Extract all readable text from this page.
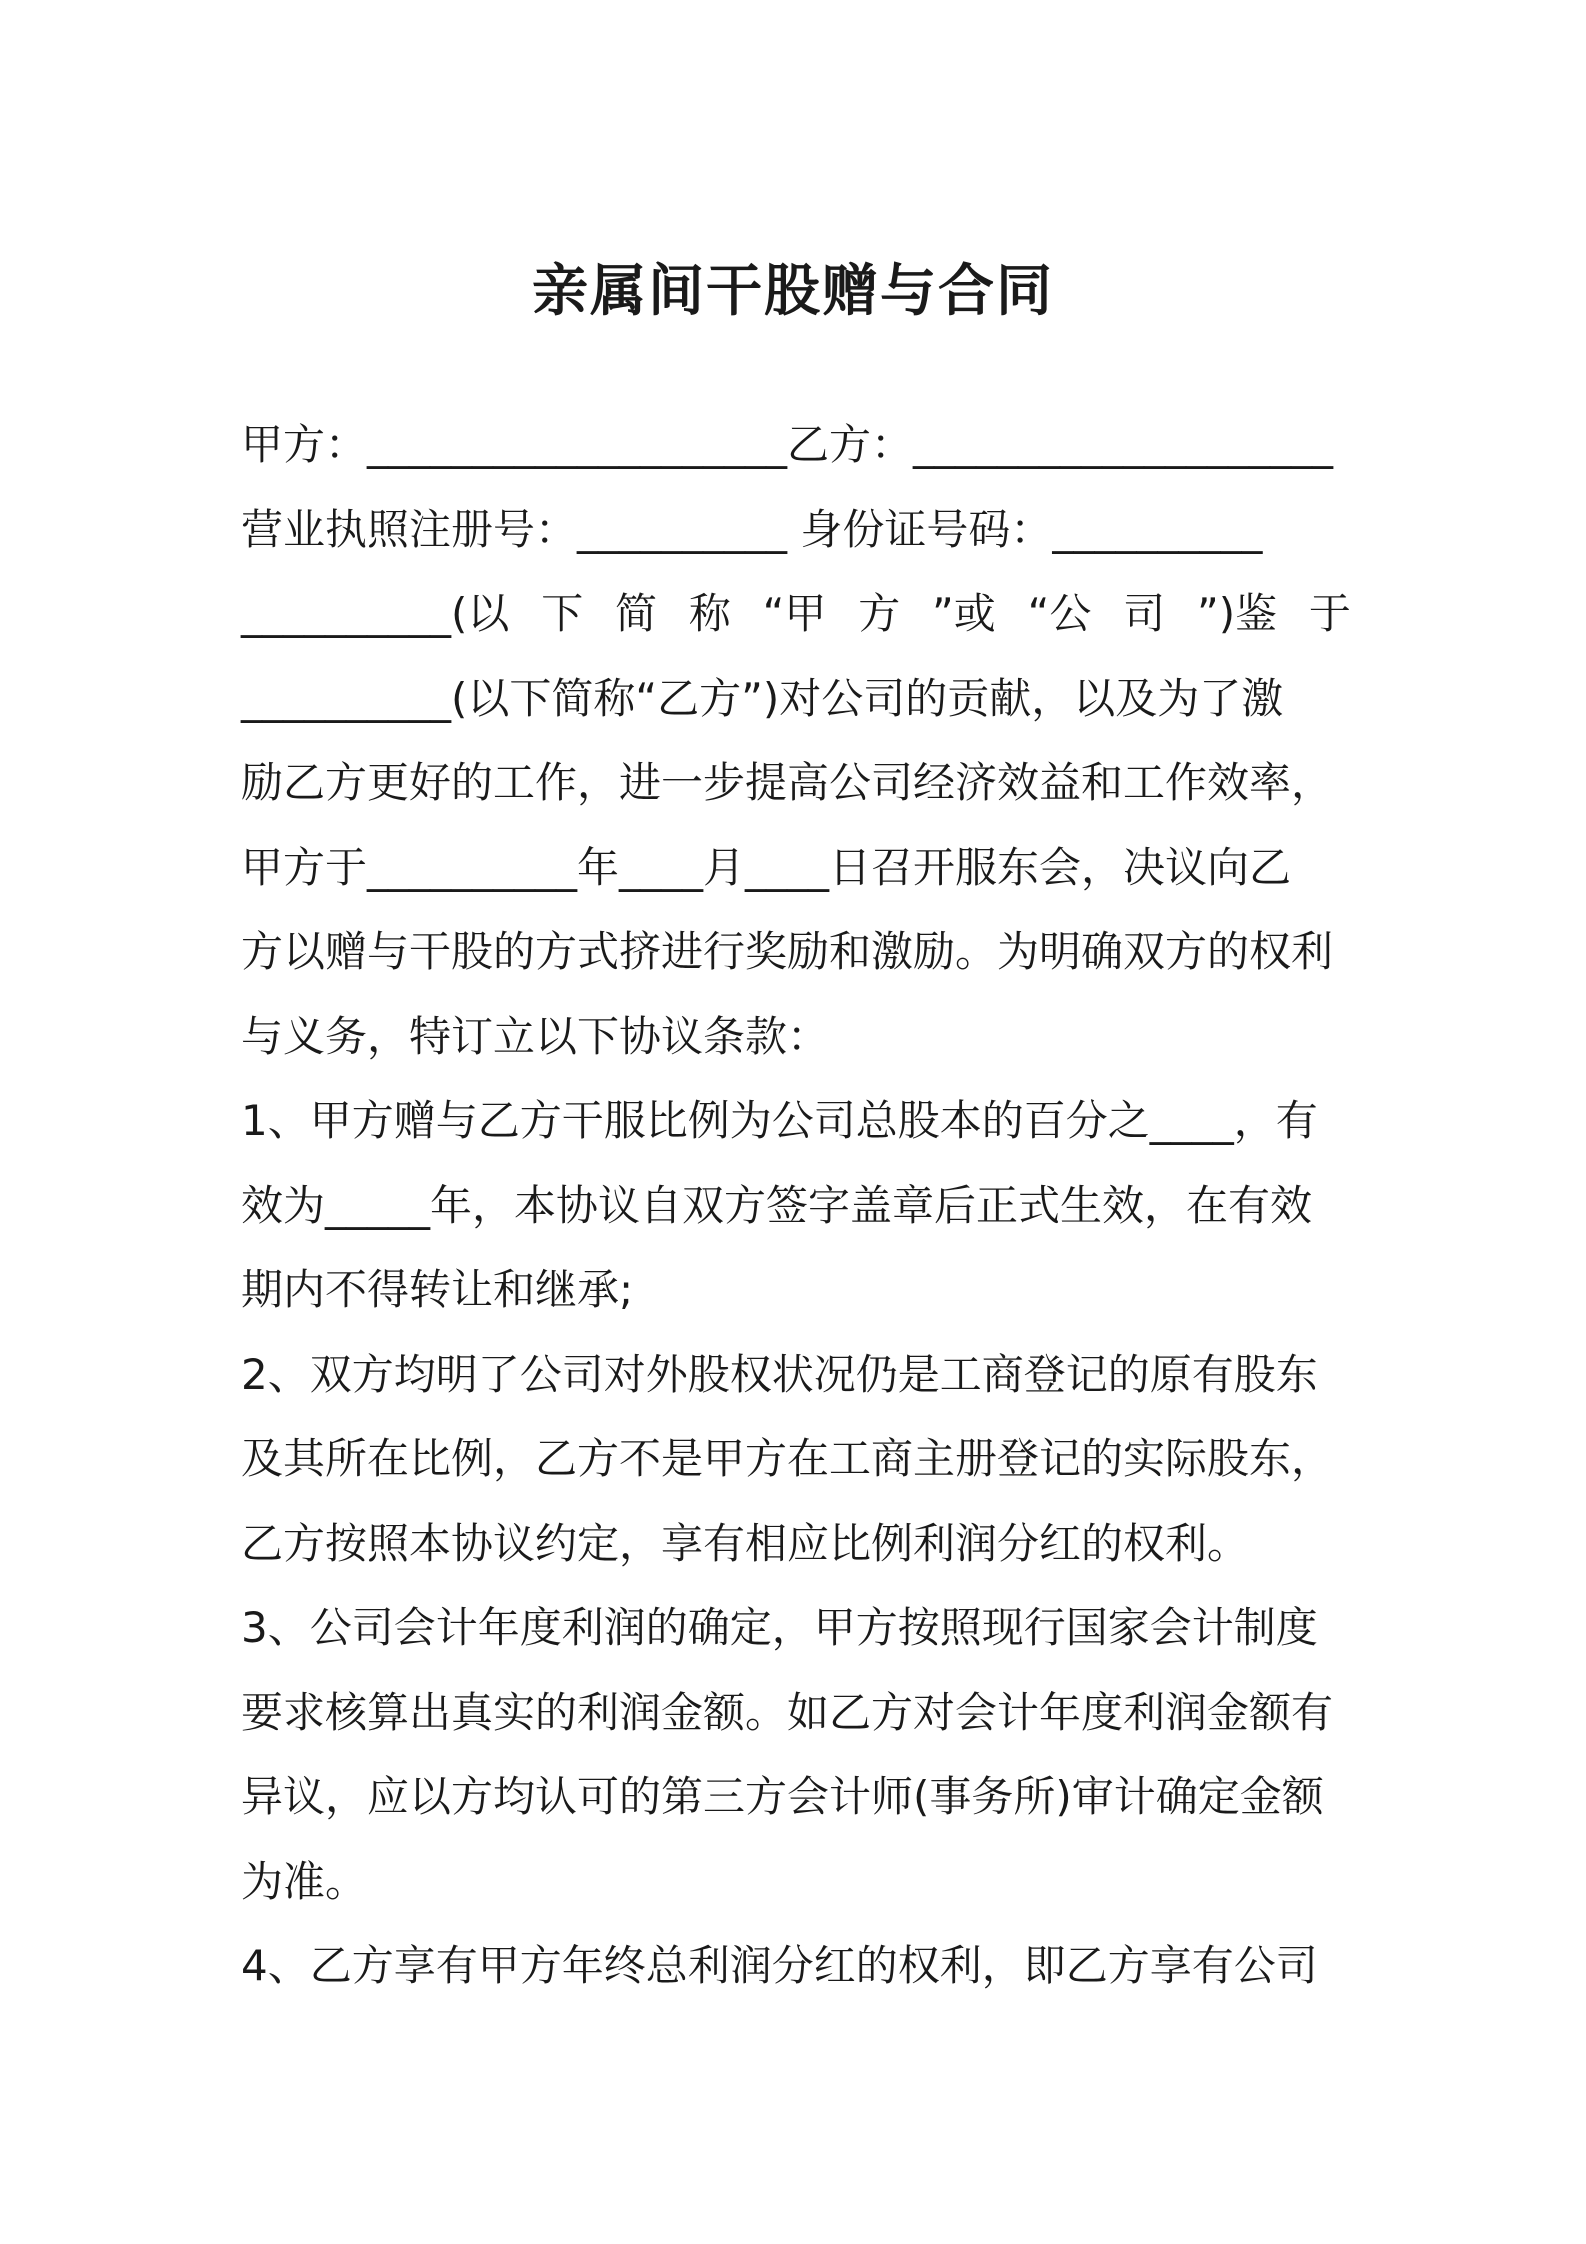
亲属间干股赠与合同

甲方：____________________乙方：____________________

营业执照注册号：__________ 身份证号码：__________

__________(以 下 简 称 “甲 方 ”或 “公 司 ”)鉴 于

__________(以下简称“乙方”)对公司的贡献，以及为了激

励乙方更好的工作，进一步提高公司经济效益和工作效率，

甲方于__________年____月____日召开服东会，决议向乙

方以赠与干股的方式挤进行奖励和激励。为明确双方的权利

与义务，特订立以下协议条款：

1、甲方赠与乙方干服比例为公司总股本的百分之____，有

效为_____年，本协议自双方签字盖章后正式生效，在有效

期内不得转让和继承;

2、双方均明了公司对外股权状况仍是工商登记的原有股东

及其所在比例，乙方不是甲方在工商主册登记的实际股东，

乙方按照本协议约定，享有相应比例利润分红的权利。

3、公司会计年度利润的确定，甲方按照现行国家会计制度

要求核算出真实的利润金额。如乙方对会计年度利润金额有

异议，应以方均认可的第三方会计师(事务所)审计确定金额

为准。

4、乙方享有甲方年终总利润分红的权利，即乙方享有公司
